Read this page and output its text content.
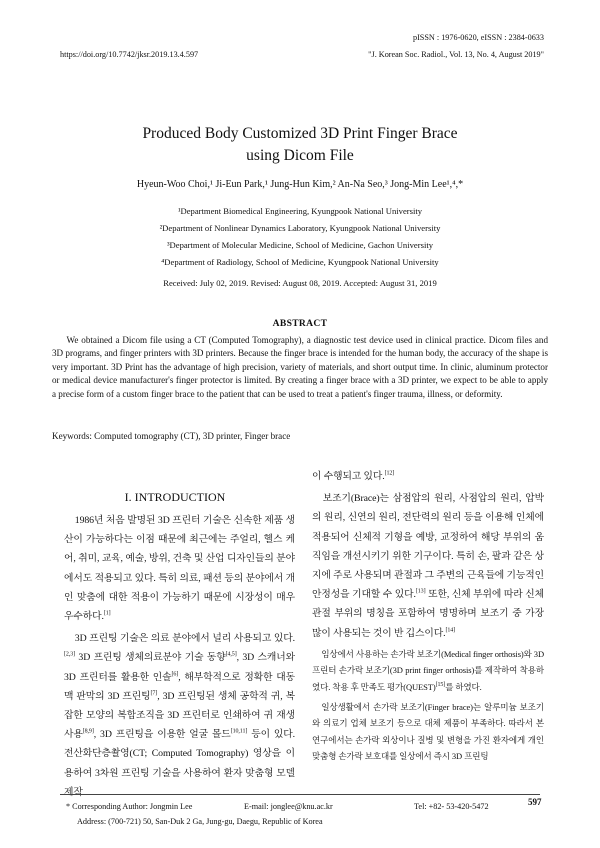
pISSN : 1976-0620, eISSN : 2384-0633
https://doi.org/10.7742/jksr.2019.13.4.597	"J. Korean Soc. Radiol., Vol. 13, No. 4, August 2019"
Produced Body Customized 3D Print Finger Brace
using Dicom File
Hyeun-Woo Choi,¹ Ji-Eun Park,¹ Jung-Hun Kim,² An-Na Seo,³ Jong-Min Lee¹,⁴,*
¹Department Biomedical Engineering, Kyungpook National University
²Department of Nonlinear Dynamics Laboratory, Kyungpook National University
³Department of Molecular Medicine, School of Medicine, Gachon University
⁴Department of Radiology, School of Medicine, Kyungpook National University
Received: July 02, 2019. Revised: August 08, 2019. Accepted: August 31, 2019
ABSTRACT
We obtained a Dicom file using a CT (Computed Tomography), a diagnostic test device used in clinical practice. Dicom files and 3D programs, and finger printers with 3D printers. Because the finger brace is intended for the human body, the accuracy of the shape is very important. 3D Print has the advantage of high precision, variety of materials, and short output time. In clinic, aluminum protector or medical device manufacturer's finger protector is limited. By creating a finger brace with a 3D printer, we expect to be able to apply a precise form of a custom finger brace to the patient that can be used to treat a patient's finger trauma, illness, or deformity.
Keywords: Computed tomography (CT), 3D printer, Finger brace
I. INTRODUCTION

1986년 처음 발명된 3D 프린터 기술은 신속한 제품 생산이 가능하다는 이점 때문에 최근에는 주얼리, 헬스 케어, 취미, 교육, 예술, 방위, 건축 및 산업 디자인들의 분야에서도 적용되고 있다. 특히 의료, 패션 등의 분야에서 개인 맞춤에 대한 적용이 가능하기 때문에 시장성이 매우 우수하다.[1]

3D 프린팅 기술은 의료 분야에서 널리 사용되고 있다.[2,3] 3D 프린팅 생체의료분야 기술 동향[4,5], 3D 스캐너와 3D 프린터를 활용한 인솔[6], 해부학적으로 정확한 대동맥 판막의 3D 프린팅[7], 3D 프린팅된 생체 공학적 귀, 복잡한 모양의 복합조직을 3D 프린터로 인쇄하여 귀 재생 사용[8,9], 3D 프린팅을 이용한 얼굴 몰드[10,11] 등이 있다. 전산화단층촬영(CT; Computed Tomography) 영상을 이용하여 3차원 프린팅 기술을 사용하여 환자 맞춤형 모델 제작

이 수행되고 있다.[12]

보조기(Brace)는 삼점압의 원리, 사점압의 원리, 압박의 원리, 신연의 원리, 전단력의 원리 등을 이용해 인체에 적용되어 신체적 기형을 예방, 교정하여 해당 부위의 움직임을 개선시키기 위한 기구이다. 특히 손, 팔과 같은 상지에 주로 사용되며 관절과 그 주변의 근육들에 기능적인 안정성을 기대할 수 있다.[13] 또한, 신체 부위에 따라 신체 관절 부위의 명칭을 포함하여 명명하며 보조기 중 가장 많이 사용되는 것이 반 깁스이다.[14]

임상에서 사용하는 손가락 보조기(Medical finger orthosis)와 3D 프린터 손가락 보조기(3D print finger orthosis)를 제작하여 착용하였다. 착용 후 만족도 평가(QUEST)[15]를 하였다.

일상생활에서 손가락 보조기(Finger brace)는 알루미늄 보조기와 의료기 업체 보조기 등으로 대체 제품이 부족하다. 따라서 본 연구에서는 손가락 외상이나 질병 및 변형을 가진 환자에게 개인 맞춤형 손가락 보호대를 일상에서 즉시 3D 프린팅

* Corresponding Author: Jongmin Lee	E-mail: jonglee@knu.ac.kr	Tel: +82- 53-420-5472	597
Address: (700-721) 50, San-Duk 2 Ga, Jung-gu, Daegu, Republic of Korea
